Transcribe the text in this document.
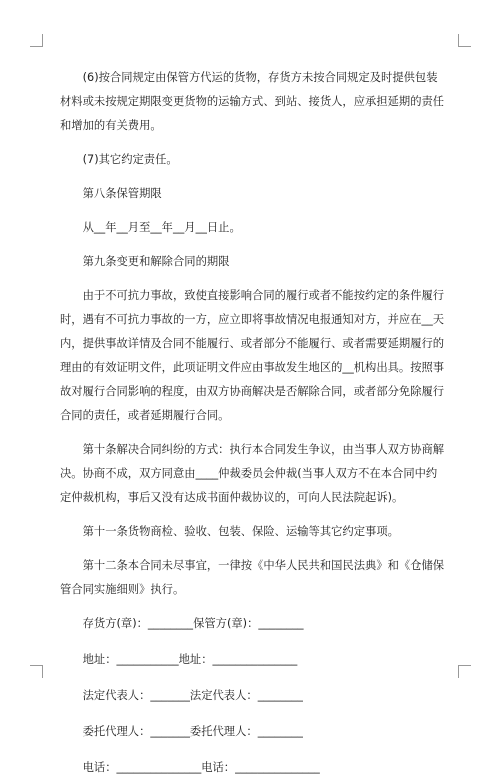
(6)按合同规定由保管方代运的货物，存货方未按合同规定及时提供包装材料或未按规定期限变更货物的运输方式、到站、接货人，应承担延期的责任和增加的有关费用。

(7)其它约定责任。

第八条保管期限

从__年__月至__年__月__日止。

第九条变更和解除合同的期限

由于不可抗力事故，致使直接影响合同的履行或者不能按约定的条件履行时，遇有不可抗力事故的一方，应立即将事故情况电报通知对方，并应在__天内，提供事故详情及合同不能履行、或者部分不能履行、或者需要延期履行的理由的有效证明文件，此项证明文件应由事故发生地区的__机构出具。按照事故对履行合同影响的程度，由双方协商解决是否解除合同，或者部分免除履行合同的责任，或者延期履行合同。

第十条解决合同纠纷的方式：执行本合同发生争议，由当事人双方协商解决。协商不成，双方同意由____仲裁委员会仲裁(当事人双方不在本合同中约定仲裁机构，事后又没有达成书面仲裁协议的，可向人民法院起诉)。

第十一条货物商检、验收、包装、保险、运输等其它约定事项。

第十二条本合同未尽事宜，一律按《中华人民共和国民法典》和《仓储保管合同实施细则》执行。

存货方(章)：________保管方(章)：________

地址：___________地址：_______________

法定代表人：_______法定代表人：________

委托代理人：_______委托代理人：________

电话：_______________电话：_______________
